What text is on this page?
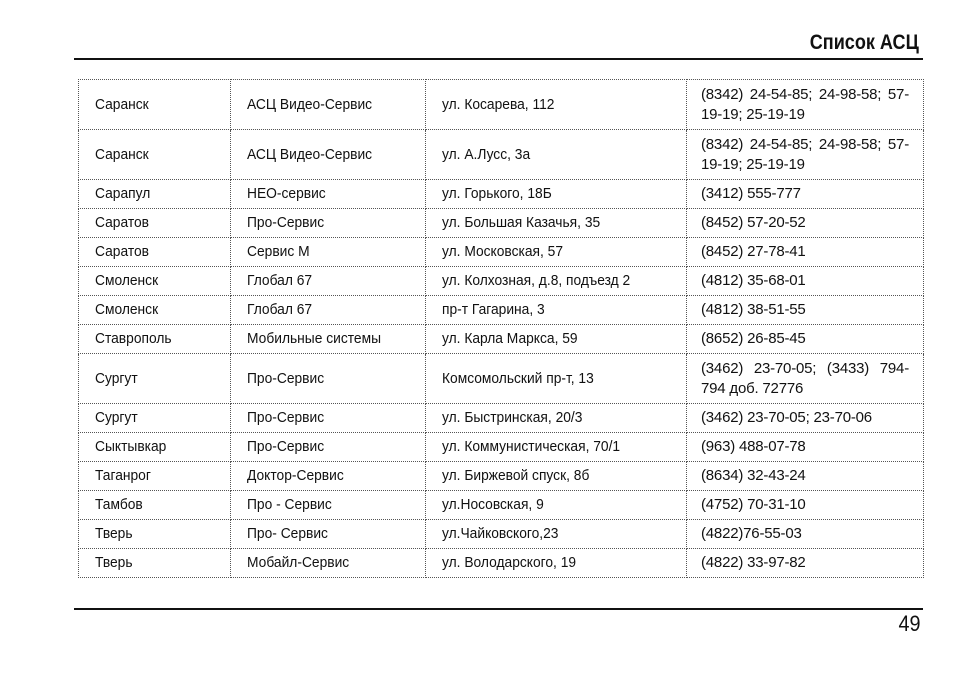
Список АСЦ
Саранск	АСЦ Видео-Сервис	ул. Косарева, 112	(8342) 24-54-85; 24-98-58; 57-19-19; 25-19-19
Саранск	АСЦ Видео-Сервис	ул. А.Лусс, 3а	(8342) 24-54-85; 24-98-58; 57-19-19; 25-19-19
Сарапул	НЕО-сервис	ул. Горького, 18Б	(3412) 555-777
Саратов	Про-Сервис	ул. Большая Казачья, 35	(8452) 57-20-52
Саратов	Сервис М	ул. Московская, 57	(8452) 27-78-41
Смоленск	Глобал 67	ул. Колхозная, д.8, подъезд 2	(4812) 35-68-01
Смоленск	Глобал 67	пр-т Гагарина, 3	(4812) 38-51-55
Ставрополь	Мобильные системы	ул. Карла Маркса, 59	(8652) 26-85-45
Сургут	Про-Сервис	Комсомольский пр-т, 13	(3462) 23-70-05; (3433) 794-794 доб. 72776
Сургут	Про-Сервис	ул. Быстринская, 20/3	(3462) 23-70-05; 23-70-06
Сыктывкар	Про-Сервис	ул. Коммунистическая, 70/1	(963) 488-07-78
Таганрог	Доктор-Сервис	ул. Биржевой спуск, 8б	(8634) 32-43-24
Тамбов	Про - Сервис	ул.Носовская, 9	(4752) 70-31-10
Тверь	Про- Сервис	ул.Чайковского,23	(4822)76-55-03
Тверь	Мобайл-Сервис	ул. Володарского, 19	(4822) 33-97-82
49
